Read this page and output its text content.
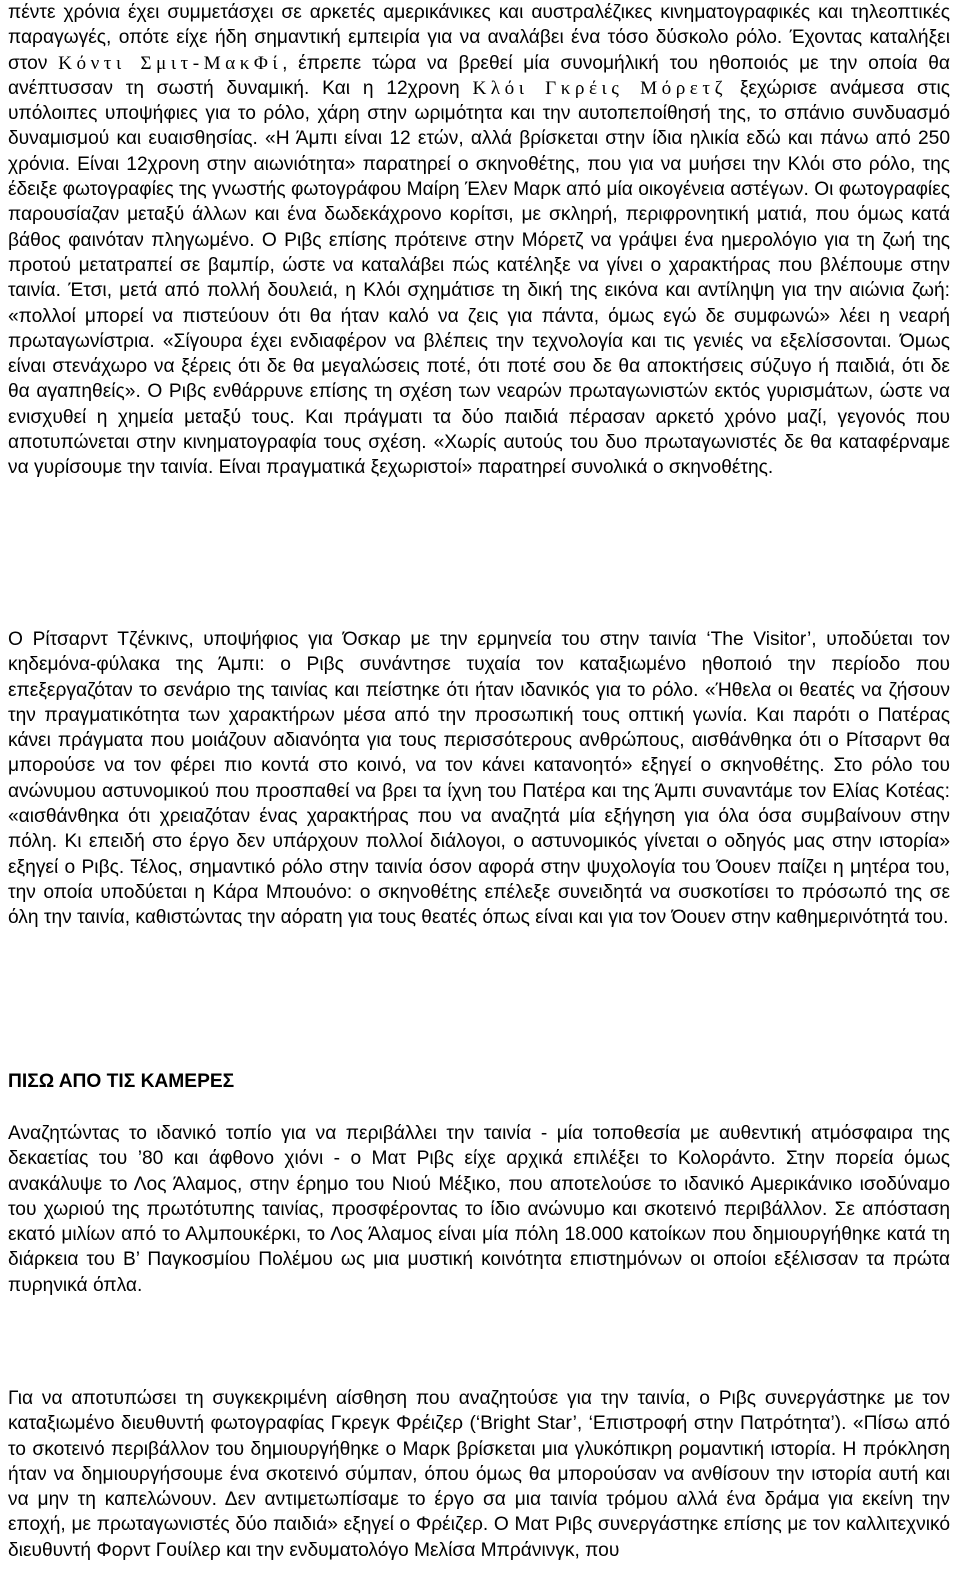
πέντε χρόνια έχει συμμετάσχει σε αρκετές αμερικάνικες και αυστραλέζικες κινηματογραφικές και τηλεοπτικές παραγωγές, οπότε είχε ήδη σημαντική εμπειρία για να αναλάβει ένα τόσο δύσκολο ρόλο. Έχοντας καταλήξει στον Κόντι Σμιτ-ΜακΦί, έπρεπε τώρα να βρεθεί μία συνομήλική του ηθοποιός με την οποία θα ανέπτυσσαν τη σωστή δυναμική. Και η 12χρονη Κλόι Γκρέις Μόρετζ ξεχώρισε ανάμεσα στις υπόλοιπες υποψήφιες για το ρόλο, χάρη στην ωριμότητα και την αυτοπεποίθησή της, το σπάνιο συνδυασμό δυναμισμού και ευαισθησίας. «Η Άμπι είναι 12 ετών, αλλά βρίσκεται στην ίδια ηλικία εδώ και πάνω από 250 χρόνια. Είναι 12χρονη στην αιωνιότητα» παρατηρεί ο σκηνοθέτης, που για να μυήσει την Κλόι στο ρόλο, της έδειξε φωτογραφίες της γνωστής φωτογράφου Μαίρη Έλεν Μαρκ από μία οικογένεια αστέγων. Οι φωτογραφίες παρουσίαζαν μεταξύ άλλων και ένα δωδεκάχρονο κορίτσι, με σκληρή, περιφρονητική ματιά, που όμως κατά βάθος φαινόταν πληγωμένο. Ο Ριβς επίσης πρότεινε στην Μόρετζ να γράψει ένα ημερολόγιο για τη ζωή της προτού μετατραπεί σε βαμπίρ, ώστε να καταλάβει πώς κατέληξε να γίνει ο χαρακτήρας που βλέπουμε στην ταινία. Έτσι, μετά από πολλή δουλειά, η Κλόι σχημάτισε τη δική της εικόνα και αντίληψη για την αιώνια ζωή: «πολλοί μπορεί να πιστεύουν ότι θα ήταν καλό να ζεις για πάντα, όμως εγώ δε συμφωνώ» λέει η νεαρή πρωταγωνίστρια. «Σίγουρα έχει ενδιαφέρον να βλέπεις την τεχνολογία και τις γενιές να εξελίσσονται. Όμως είναι στενάχωρο να ξέρεις ότι δε θα μεγαλώσεις ποτέ, ότι ποτέ σου δε θα αποκτήσεις σύζυγο ή παιδιά, ότι δε θα αγαπηθείς». Ο Ριβς ενθάρρυνε επίσης τη σχέση των νεαρών πρωταγωνιστών εκτός γυρισμάτων, ώστε να ενισχυθεί η χημεία μεταξύ τους. Και πράγματι τα δύο παιδιά πέρασαν αρκετό χρόνο μαζί, γεγονός που αποτυπώνεται στην κινηματογραφία τους σχέση. «Χωρίς αυτούς του δυο πρωταγωνιστές δε θα καταφέρναμε να γυρίσουμε την ταινία. Είναι πραγματικά ξεχωριστοί» παρατηρεί συνολικά ο σκηνοθέτης.

Ο Ρίτσαρντ Τζένκινς, υποψήφιος για Όσκαρ με την ερμηνεία του στην ταινία ‘The Visitor’, υποδύεται τον κηδεμόνα-φύλακα της Άμπι: ο Ριβς συνάντησε τυχαία τον καταξιωμένο ηθοποιό την περίοδο που επεξεργαζόταν το σενάριο της ταινίας και πείστηκε ότι ήταν ιδανικός για το ρόλο. «Ήθελα οι θεατές να ζήσουν την πραγματικότητα των χαρακτήρων μέσα από την προσωπική τους οπτική γωνία. Και παρότι ο Πατέρας κάνει πράγματα που μοιάζουν αδιανόητα για τους περισσότερους ανθρώπους, αισθάνθηκα ότι ο Ρίτσαρντ θα μπορούσε να τον φέρει πιο κοντά στο κοινό, να τον κάνει κατανοητό» εξηγεί ο σκηνοθέτης. Στο ρόλο του ανώνυμου αστυνομικού που προσπαθεί να βρει τα ίχνη του Πατέρα και της Άμπι συναντάμε τον Ελίας Κοτέας: «αισθάνθηκα ότι χρειαζόταν ένας χαρακτήρας που να αναζητά μία εξήγηση για όλα όσα συμβαίνουν στην πόλη. Κι επειδή στο έργο δεν υπάρχουν πολλοί διάλογοι, ο αστυνομικός γίνεται ο οδηγός μας στην ιστορία» εξηγεί ο Ριβς. Τέλος, σημαντικό ρόλο στην ταινία όσον αφορά στην ψυχολογία του Όουεν παίζει η μητέρα του, την οποία υποδύεται η Κάρα Μπουόνο: ο σκηνοθέτης επέλεξε συνειδητά να συσκοτίσει το πρόσωπό της σε όλη την ταινία, καθιστώντας την αόρατη για τους θεατές όπως είναι και για τον Όουεν στην καθημερινότητά του.

ΠΙΣΩ ΑΠΟ ΤΙΣ ΚΑΜΕΡΕΣ

Αναζητώντας το ιδανικό τοπίο για να περιβάλλει την ταινία - μία τοποθεσία με αυθεντική ατμόσφαιρα της δεκαετίας του ’80 και άφθονο χιόνι - ο Ματ Ριβς είχε αρχικά επιλέξει το Κολοράντο. Στην πορεία όμως ανακάλυψε το Λος Άλαμος, στην έρημο του Νιού Μέξικο, που αποτελούσε το ιδανικό Αμερικάνικο ισοδύναμο του χωριού της πρωτότυπης ταινίας, προσφέροντας το ίδιο ανώνυμο και σκοτεινό περιβάλλον. Σε απόσταση εκατό μιλίων από το Αλμπουκέρκι, το Λος Άλαμος είναι μία πόλη 18.000 κατοίκων που δημιουργήθηκε κατά τη διάρκεια του Β’ Παγκοσμίου Πολέμου ως μια μυστική κοινότητα επιστημόνων οι οποίοι εξέλισσαν τα πρώτα πυρηνικά όπλα.

Για να αποτυπώσει τη συγκεκριμένη αίσθηση που αναζητούσε για την ταινία, ο Ριβς συνεργάστηκε με τον καταξιωμένο διευθυντή φωτογραφίας Γκρεγκ Φρέιζερ (‘Bright Star’, ‘Επιστροφή στην Πατρότητα’). «Πίσω από το σκοτεινό περιβάλλον του δημιουργήθηκε ο Μαρκ βρίσκεται μια γλυκόπικρη ρομαντική ιστορία. Η πρόκληση ήταν να δημιουργήσουμε ένα σκοτεινό σύμπαν, όπου όμως θα μπορούσαν να ανθίσουν την ιστορία αυτή και να μην τη καπελώνουν. Δεν αντιμετωπίσαμε το έργο σα μια ταινία τρόμου αλλά ένα δράμα για εκείνη την εποχή, με πρωταγωνιστές δύο παιδιά» εξηγεί ο Φρέιζερ. Ο Ματ Ριβς συνεργάστηκε επίσης με τον καλλιτεχνικό διευθυντή Φορντ Γουίλερ και την ενδυματολόγο Μελίσα Μπράνινγκ, που
